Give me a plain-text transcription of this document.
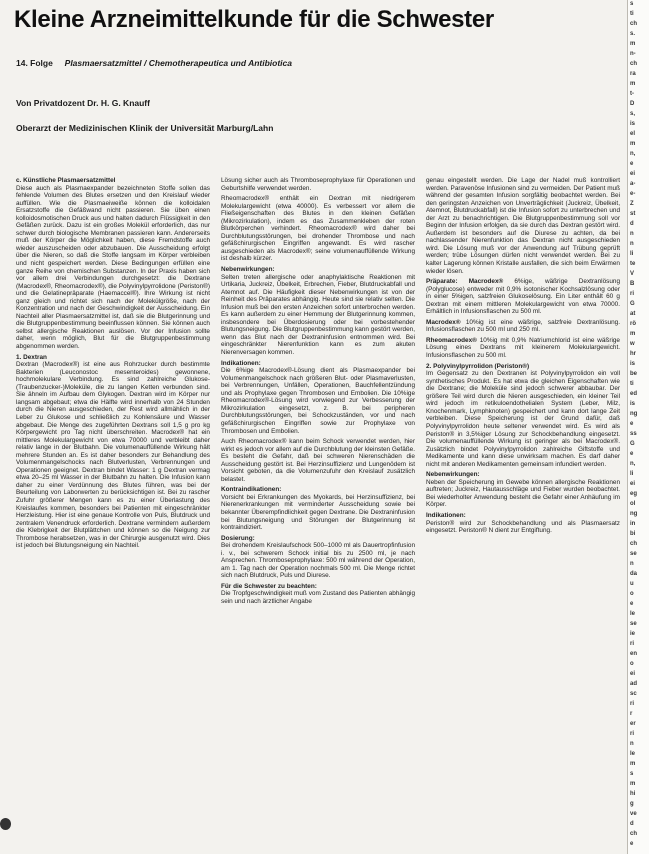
Kleine Arzneimittelkunde für die Schwester

14. Folge Plasmaersatzmittel / Chemotherapeutica und Antibiotica

Von Privatdozent Dr. H. G. Knauff

Oberarzt der Medizinischen Klinik der Universität Marburg/Lahn

c. Künstliche Plasmaersatzmittel

Diese auch als Plasmaexpander bezeichneten Stoffe sollen das fehlende Volumen des Blutes ersetzen und den Kreislauf wieder auffüllen. Wie die Plasmaeiweiße können die kolloidalen Ersatzstoffe die Gefäßwand nicht passieren. Sie üben einen kolloidosmotischen Druck aus und halten dadurch Flüssigkeit in den Gefäßen zurück. Dazu ist ein großes Molekül erforderlich, das nur schwer durch biologische Membranen passieren kann. Andererseits muß der Körper die Möglichkeit haben, diese Fremdstoffe auch wieder auszuscheiden oder abzubauen. Die Ausscheidung erfolgt über die Nieren, so daß die Stoffe langsam im Körper verbleiben und nicht gespeichert werden. Diese Bedingungen erfüllen eine ganze Reihe von chemischen Substanzen. In der Praxis haben sich vor allem drei Verbindungen durchgesetzt: die Dextrane (Macrodex®, Rheomacrodex®), die Polyvinylpyrrolidone (Periston®) und die Gelatinepräparate (Haemaccel®). Ihre Wirkung ist nicht ganz gleich und richtet sich nach der Molekülgröße, nach der Konzentration und nach der Geschwindigkeit der Ausscheidung. Ein Nachteil aller Plasmaersatzmittel ist, daß sie die Blutgerinnung und die Blutgruppenbestimmung beeinflussen können. Sie können auch selbst allergische Reaktionen auslösen. Vor der Infusion sollte daher, wenn möglich, Blut für die Blutgruppenbestimmung abgenommen werden.

1. Dextran

Dextran (Macrodex®) ist eine aus Rohrzucker durch bestimmte Bakterien (Leuconostoc mesenteroides) gewonnene, hochmolekulare Verbindung. Es sind zahlreiche Glukose-(Traubenzucker-)Moleküle, die zu langen Ketten verbunden sind. Sie ähneln im Aufbau dem Glykogen. Dextran wird im Körper nur langsam abgebaut; etwa die Hälfte wird innerhalb von 24 Stunden durch die Nieren ausgeschieden, der Rest wird allmählich in der Leber zu Glukose und schließlich zu Kohlensäure und Wasser abgebaut. Die Menge des zugeführten Dextrans soll 1,5 g pro kg Körpergewicht pro Tag nicht überschreiten. Macrodex® hat ein mittleres Molekulargewicht von etwa 70000 und verbleibt daher relativ lange in der Blutbahn. Die volumenauffüllende Wirkung hält mehrere Stunden an. Es ist daher besonders zur Behandlung des Volumenmangelschocks nach Blutverlusten, Verbrennungen und Operationen geeignet. Dextran bindet Wasser: 1 g Dextran vermag etwa 20–25 ml Wasser in der Blutbahn zu halten. Die Infusion kann daher zu einer Verdünnung des Blutes führen, was bei der Beurteilung von Laborwerten zu berücksichtigen ist. Bei zu rascher Zufuhr größerer Mengen kann es zu einer Überlastung des Kreislaufes kommen, besonders bei Patienten mit eingeschränkter Herzleistung. Hier ist eine genaue Kontrolle von Puls, Blutdruck und zentralem Venendruck erforderlich. Dextrane vermindern außerdem die Klebrigkeit der Blutplättchen und können so die Neigung zur Thrombose herabsetzen, was in der Chirurgie ausgenutzt wird. Dies ist jedoch bei Blutungsneigung ein Nachteil.

Lösung sicher auch als Thromboseprophylaxe für Operationen und Geburtshilfe verwendet werden.

Rheomacrodex® enthält ein Dextran mit niedrigerem Molekulargewicht (etwa 40000). Es verbessert vor allem die Fließeigenschaften des Blutes in den kleinen Gefäßen (Mikrozirkulation), indem es das Zusammenkleben der roten Blutkörperchen verhindert. Rheomacrodex® wird daher bei Durchblutungsstörungen, bei drohender Thrombose und nach gefäßchirurgischen Eingriffen angewandt. Es wird rascher ausgeschieden als Macrodex®; seine volumenauffüllende Wirkung ist deshalb kürzer.

Nebenwirkungen:

Selten treten allergische oder anaphylaktische Reaktionen mit Urtikaria, Juckreiz, Übelkeit, Erbrechen, Fieber, Blutdruckabfall und Atemnot auf. Die Häufigkeit dieser Nebenwirkungen ist von der Reinheit des Präparates abhängig. Heute sind sie relativ selten. Die Infusion muß bei den ersten Anzeichen sofort unterbrochen werden. Es kann außerdem zu einer Hemmung der Blutgerinnung kommen, insbesondere bei Überdosierung oder bei vorbestehender Blutungsneigung. Die Blutgruppenbestimmung kann gestört werden, wenn das Blut nach der Dextraninfusion entnommen wird. Bei eingeschränkter Nierenfunktion kann es zum akuten Nierenversagen kommen.

Indikationen:

Die 6%ige Macrodex®-Lösung dient als Plasmaexpander bei Volumenmangelschock nach größeren Blut- oder Plasmaverlusten, bei Verbrennungen, Unfällen, Operationen, Bauchfellentzündung und als Prophylaxe gegen Thrombosen und Embolien. Die 10%ige Rheomacrodex®-Lösung wird vorwiegend zur Verbesserung der Mikrozirkulation eingesetzt, z. B. bei peripheren Durchblutungsstörungen, bei Schockzuständen, vor und nach gefäßchirurgischen Eingriffen sowie zur Prophylaxe von Thrombosen und Embolien.

Auch Rheomacrodex® kann beim Schock verwendet werden, hier wirkt es jedoch vor allem auf die Durchblutung der kleinsten Gefäße. Es besteht die Gefahr, daß bei schweren Nierenschäden die Ausscheidung gestört ist. Bei Herzinsuffizienz und Lungenödem ist Vorsicht geboten, da die Volumenzufuhr den Kreislauf zusätzlich belastet.

Kontraindikationen:

Vorsicht bei Erkrankungen des Myokards, bei Herzinsuffizienz, bei Nierenerkrankungen mit verminderter Ausscheidung sowie bei bekannter Überempfindlichkeit gegen Dextrane. Die Dextraninfusion bei Blutungsneigung und Störungen der Blutgerinnung ist kontraindiziert.

Dosierung:

Bei drohendem Kreislaufschock 500–1000 ml als Dauertropfinfusion i. v., bei schwerem Schock initial bis zu 2500 ml, je nach Ansprechen. Thromboseprophylaxe: 500 ml während der Operation, am 1. Tag nach der Operation nochmals 500 ml. Die Menge richtet sich nach Blutdruck, Puls und Diurese.

Für die Schwester zu beachten:

Die Tropfgeschwindigkeit muß vom Zustand des Patienten abhängig sein und nach ärztlicher Angabe

genau eingestellt werden. Die Lage der Nadel muß kontrolliert werden. Paravenöse Infusionen sind zu vermeiden. Der Patient muß während der gesamten Infusion sorgfältig beobachtet werden. Bei den geringsten Anzeichen von Unverträglichkeit (Juckreiz, Übelkeit, Atemnot, Blutdruckabfall) ist die Infusion sofort zu unterbrechen und der Arzt zu benachrichtigen. Die Blutgruppenbestimmung soll vor Beginn der Infusion erfolgen, da sie durch das Dextran gestört wird. Außerdem ist besonders auf die Diurese zu achten, da bei nachlassender Nierenfunktion das Dextran nicht ausgeschieden wird. Die Lösung muß vor der Anwendung auf Trübung geprüft werden; trübe Lösungen dürfen nicht verwendet werden. Bei zu kalter Lagerung können Kristalle ausfallen, die sich beim Erwärmen wieder lösen.

Präparate: Macrodex® 6%ige, wäßrige Dextranlösung (Polyglucose) entweder mit 0,9% isotonischer Kochsalzlösung oder in einer 5%igen, salzfreien Glukoselösung. Ein Liter enthält 60 g Dextran mit einem mittleren Molekulargewicht von etwa 70000. Erhältlich in Infusionsflaschen zu 500 ml.

Macrodex® 10%ig ist eine wäßrige, salzfreie Dextranlösung. Infusionsflaschen zu 500 ml und 250 ml.

Rheomacrodex® 10%ig mit 0,9% Natriumchlorid ist eine wäßrige Lösung eines Dextrans mit kleinerem Molekulargewicht. Infusionsflaschen zu 500 ml.

2. Polyvinylpyrrolidon (Periston®)

Im Gegensatz zu den Dextranen ist Polyvinylpyrrolidon ein voll synthetisches Produkt. Es hat etwa die gleichen Eigenschaften wie die Dextrane; die Moleküle sind jedoch schwerer abbaubar. Der größere Teil wird durch die Nieren ausgeschieden, ein kleiner Teil wird jedoch im retikuloendothelialen System (Leber, Milz, Knochenmark, Lymphknoten) gespeichert und kann dort lange Zeit verbleiben. Diese Speicherung ist der Grund dafür, daß Polyvinylpyrrolidon heute seltener verwendet wird. Es wird als Periston® in 3,5%iger Lösung zur Schockbehandlung eingesetzt. Die volumenauffüllende Wirkung ist geringer als bei Macrodex®. Zusätzlich bindet Polyvinylpyrrolidon zahlreiche Giftstoffe und Medikamente und kann diese unwirksam machen. Es darf daher nicht mit anderen Medikamenten gemeinsam infundiert werden.

Nebenwirkungen:

Neben der Speicherung im Gewebe können allergische Reaktionen auftreten; Juckreiz, Hautausschläge und Fieber wurden beobachtet. Bei wiederholter Anwendung besteht die Gefahr einer Anhäufung im Körper.

Indikationen:

Periston® wird zur Schockbehandlung und als Plasmaersatz eingesetzt. Periston® N dient zur Entgiftung.

s
ti
ch
s.
m
n-
ch
ra
m
t-
D
s,
is
el
m
n,
e
ei
a-
e-
Z
st
d
n
n
li
te
V
B
ri
G
at
rö
m
w
hr
is
be
ti
ed
is
ng
e
ss
G
e
n,
li
ei
eg
ol
ng
in
bi
ch
se
n
da
u
o
e
le
se
ie
ri
en
o
ei
ad
sc
ri
r
er
ri
n
le
m
s
m
hi
g
ve
d
ch
e
